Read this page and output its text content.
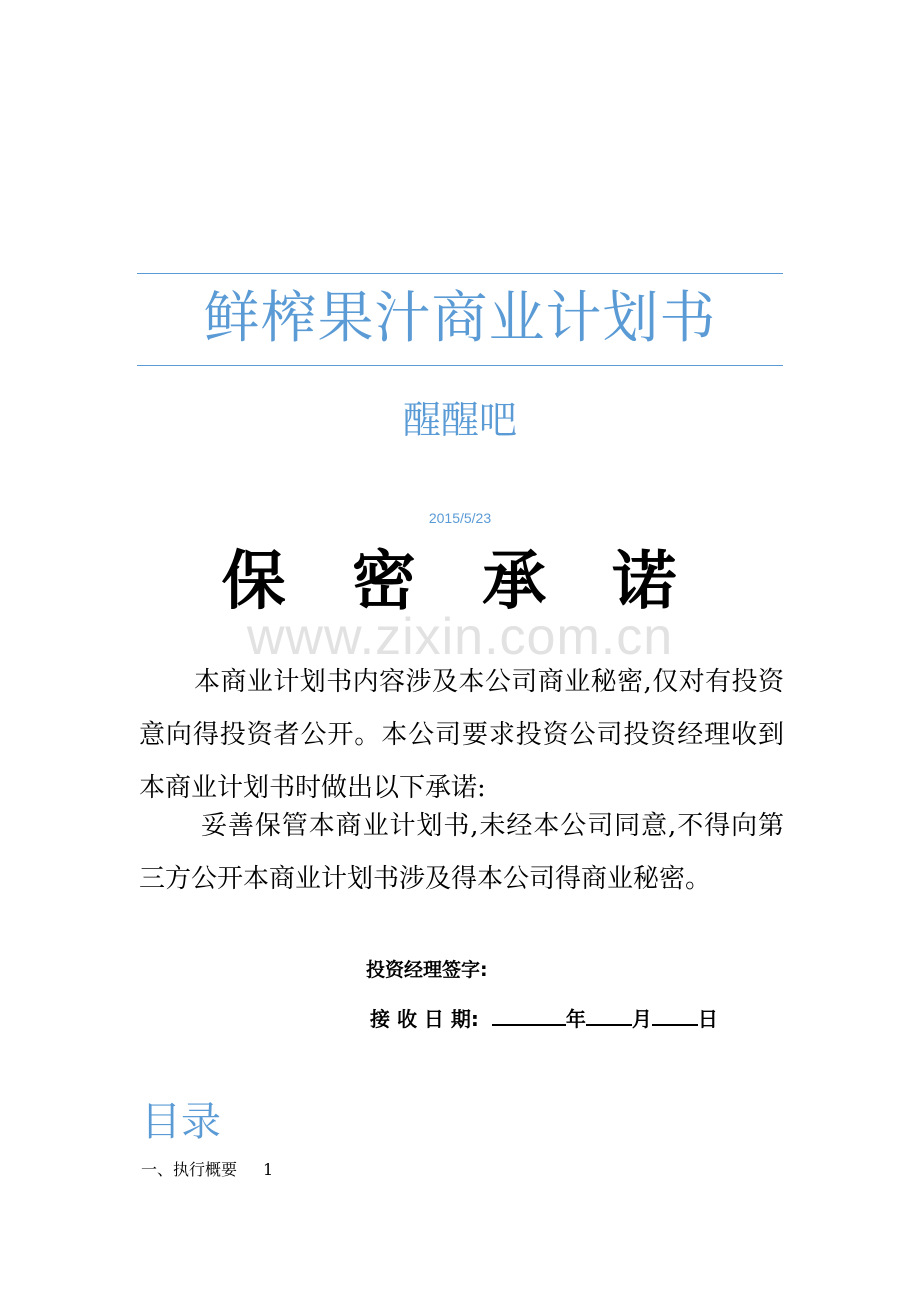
鲜榨果汁商业计划书
醒醒吧
2015/5/23
www.zixin.com.cn
保 密 承 诺
本商业计划书内容涉及本公司商业秘密,仅对有投资意向得投资者公开。本公司要求投资公司投资经理收到本商业计划书时做出以下承诺:
妥善保管本商业计划书,未经本公司同意,不得向第三方公开本商业计划书涉及得本公司得商业秘密。
投资经理签字:
接 收 日 期:	年 月 日
目录
一、执行概要 1
